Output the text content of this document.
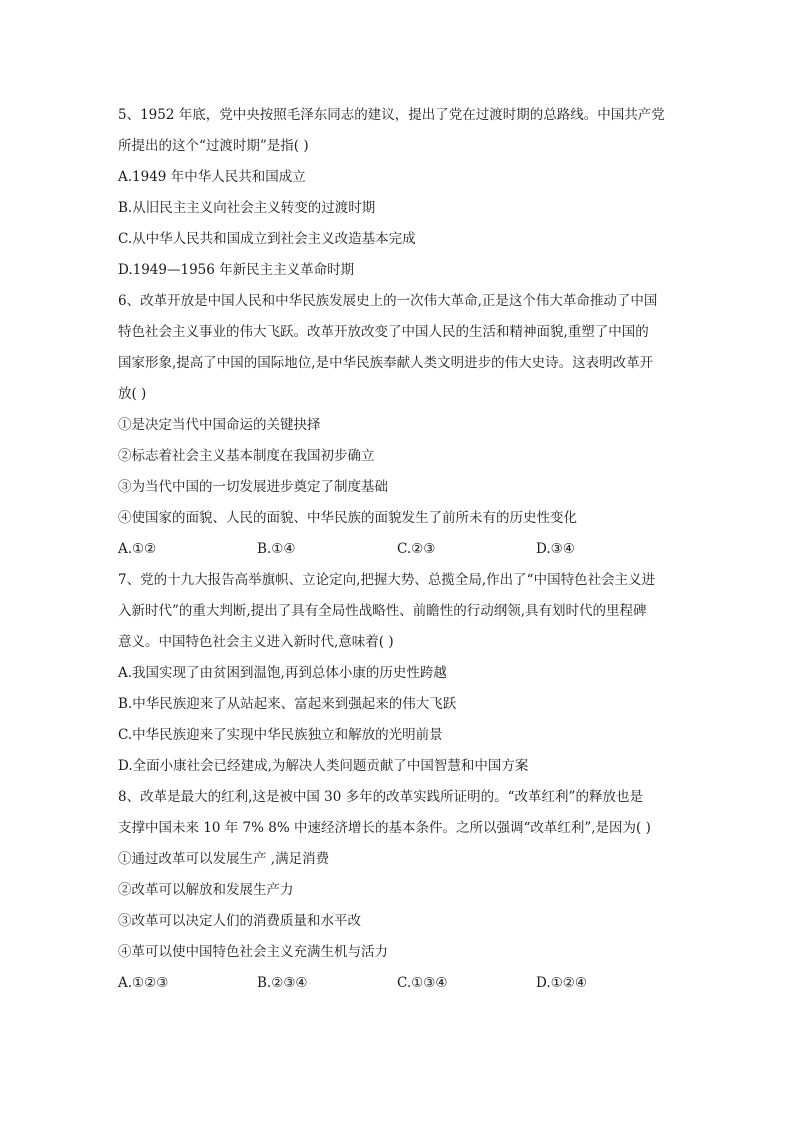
5、1952 年底，党中央按照毛泽东同志的建议，提出了党在过渡时期的总路线。中国共产党
所提出的这个“过渡时期”是指( )
A.1949 年中华人民共和国成立
B.从旧民主主义向社会主义转变的过渡时期
C.从中华人民共和国成立到社会主义改造基本完成
D.1949—1956 年新民主主义革命时期
6、改革开放是中国人民和中华民族发展史上的一次伟大革命,正是这个伟大革命推动了中国
特色社会主义事业的伟大飞跃。改革开放改变了中国人民的生活和精神面貌,重塑了中国的
国家形象,提高了中国的国际地位,是中华民族奉献人类文明进步的伟大史诗。这表明改革开
放( )
①是决定当代中国命运的关键抉择
②标志着社会主义基本制度在我国初步确立
③为当代中国的一切发展进步奠定了制度基础
④使国家的面貌、人民的面貌、中华民族的面貌发生了前所未有的历史性变化
A.①②	B.①④	C.②③	D.③④
7、党的十九大报告高举旗帜、立论定向,把握大势、总揽全局,作出了“中国特色社会主义进
入新时代”的重大判断,提出了具有全局性战略性、前瞻性的行动纲领,具有划时代的里程碑
意义。中国特色社会主义进入新时代,意味着( )
A.我国实现了由贫困到温饱,再到总体小康的历史性跨越
B.中华民族迎来了从站起来、富起来到强起来的伟大飞跃
C.中华民族迎来了实现中华民族独立和解放的光明前景
D.全面小康社会已经建成,为解决人类问题贡献了中国智慧和中国方案
8、改革是最大的红利,这是被中国 30 多年的改革实践所证明的。“改革红利”的释放也是
支撑中国未来 10 年 7% 8% 中速经济增长的基本条件。之所以强调“改革红利”,是因为( )
①通过改革可以发展生产 ,满足消费
②改革可以解放和发展生产力
③改革可以决定人们的消费质量和水平改
④革可以使中国特色社会主义充满生机与活力
A.①②③	B.②③④	C.①③④	D.①②④
